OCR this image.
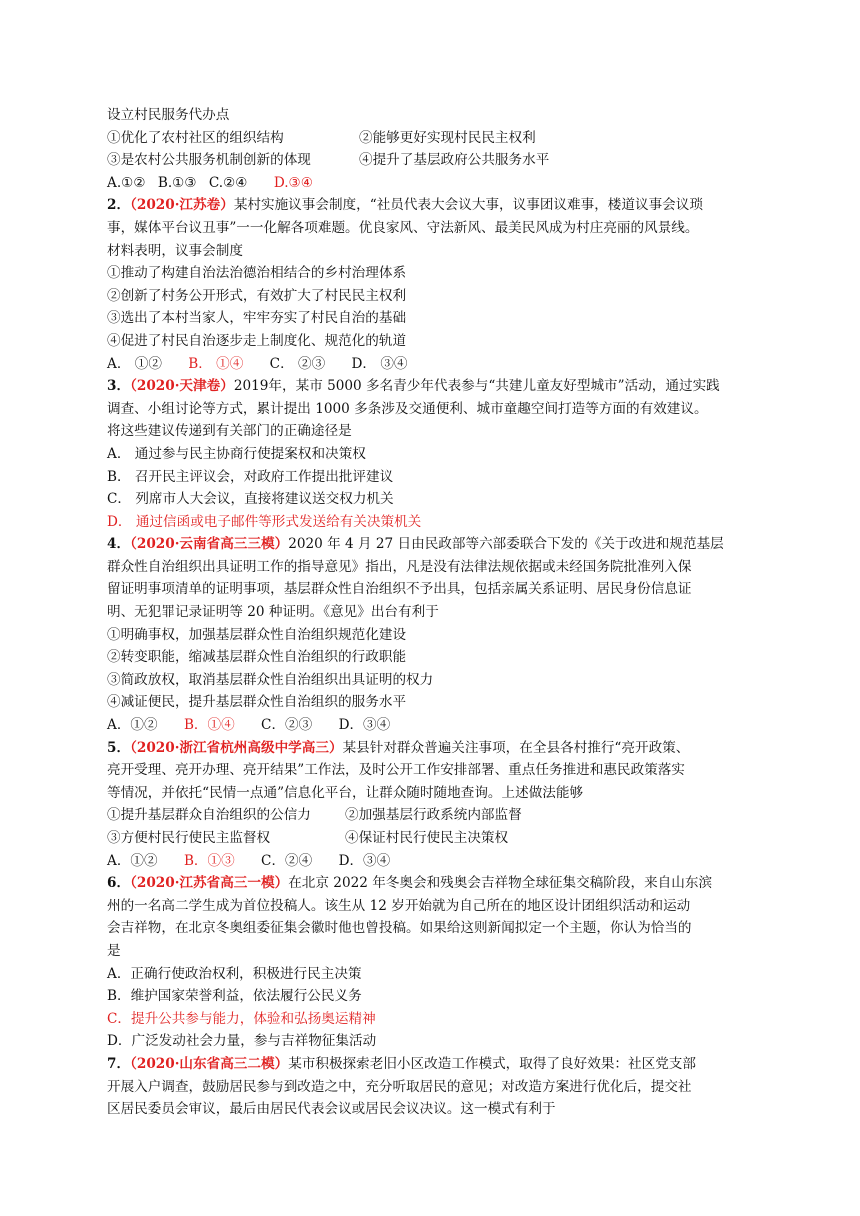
设立村民服务代办点
①优化了农村社区的组织结构	②能够更好实现村民民主权利
③是农村公共服务机制创新的体现	④提升了基层政府公共服务水平
A.①② B.①③ C.②④ D.③④
2．（2020·江苏卷）某村实施议事会制度，“社员代表大会议大事，议事团议难事，楼道议事会议琐
事，媒体平台议丑事”一一化解各项难题。优良家风、守法新风、最美民风成为村庄亮丽的风景线。
材料表明，议事会制度
①推动了构建自治法治德治相结合的乡村治理体系
②创新了村务公开形式，有效扩大了村民民主权利
③选出了本村当家人，牢牢夯实了村民自治的基础
④促进了村民自治逐步走上制度化、规范化的轨道
A． ①② B． ①④ C． ②③ D． ③④
3．（2020·天津卷）2019年，某市 5000 多名青少年代表参与“共建儿童友好型城市”活动，通过实践
调查、小组讨论等方式，累计提出 1000 多条涉及交通便利、城市童趣空间打造等方面的有效建议。
将这些建议传递到有关部门的正确途径是
A． 通过参与民主协商行使提案权和决策权
B． 召开民主评议会，对政府工作提出批评建议
C． 列席市人大会议，直接将建议送交权力机关
D． 通过信函或电子邮件等形式发送给有关决策机关
4．（2020·云南省高三三模）2020 年 4 月 27 日由民政部等六部委联合下发的《关于改进和规范基层
群众性自治组织出具证明工作的指导意见》指出，凡是没有法律法规依据或未经国务院批准列入保
留证明事项清单的证明事项，基层群众性自治组织不予出具，包括亲属关系证明、居民身份信息证
明、无犯罪记录证明等 20 种证明。《意见》出台有利于
①明确事权，加强基层群众性自治组织规范化建设
②转变职能，缩减基层群众性自治组织的行政职能
③简政放权，取消基层群众性自治组织出具证明的权力
④减证便民，提升基层群众性自治组织的服务水平
A．①② B．①④ C．②③ D．③④
5．（2020·浙江省杭州高级中学高三）某县针对群众普遍关注事项，在全县各村推行“亮开政策、
亮开受理、亮开办理、亮开结果”工作法，及时公开工作安排部署、重点任务推进和惠民政策落实
等情况，并依托“民情一点通”信息化平台，让群众随时随地查询。上述做法能够
①提升基层群众自治组织的公信力	②加强基层行政系统内部监督
③方便村民行使民主监督权	④保证村民行使民主决策权
A．①② B．①③ C．②④ D．③④
6．（2020·江苏省高三一模）在北京 2022 年冬奥会和残奥会吉祥物全球征集交稿阶段，来自山东滨
州的一名高二学生成为首位投稿人。该生从 12 岁开始就为自己所在的地区设计团组织活动和运动
会吉祥物，在北京冬奥组委征集会徽时他也曾投稿。如果给这则新闻拟定一个主题，你认为恰当的
是
A．正确行使政治权利，积极进行民主决策
B．维护国家荣誉利益，依法履行公民义务
C．提升公共参与能力，体验和弘扬奥运精神
D．广泛发动社会力量，参与吉祥物征集活动
7．（2020·山东省高三二模）某市积极探索老旧小区改造工作模式，取得了良好效果：社区党支部
开展入户调查，鼓励居民参与到改造之中，充分听取居民的意见；对改造方案进行优化后，提交社
区居民委员会审议，最后由居民代表会议或居民会议决议。这一模式有利于
